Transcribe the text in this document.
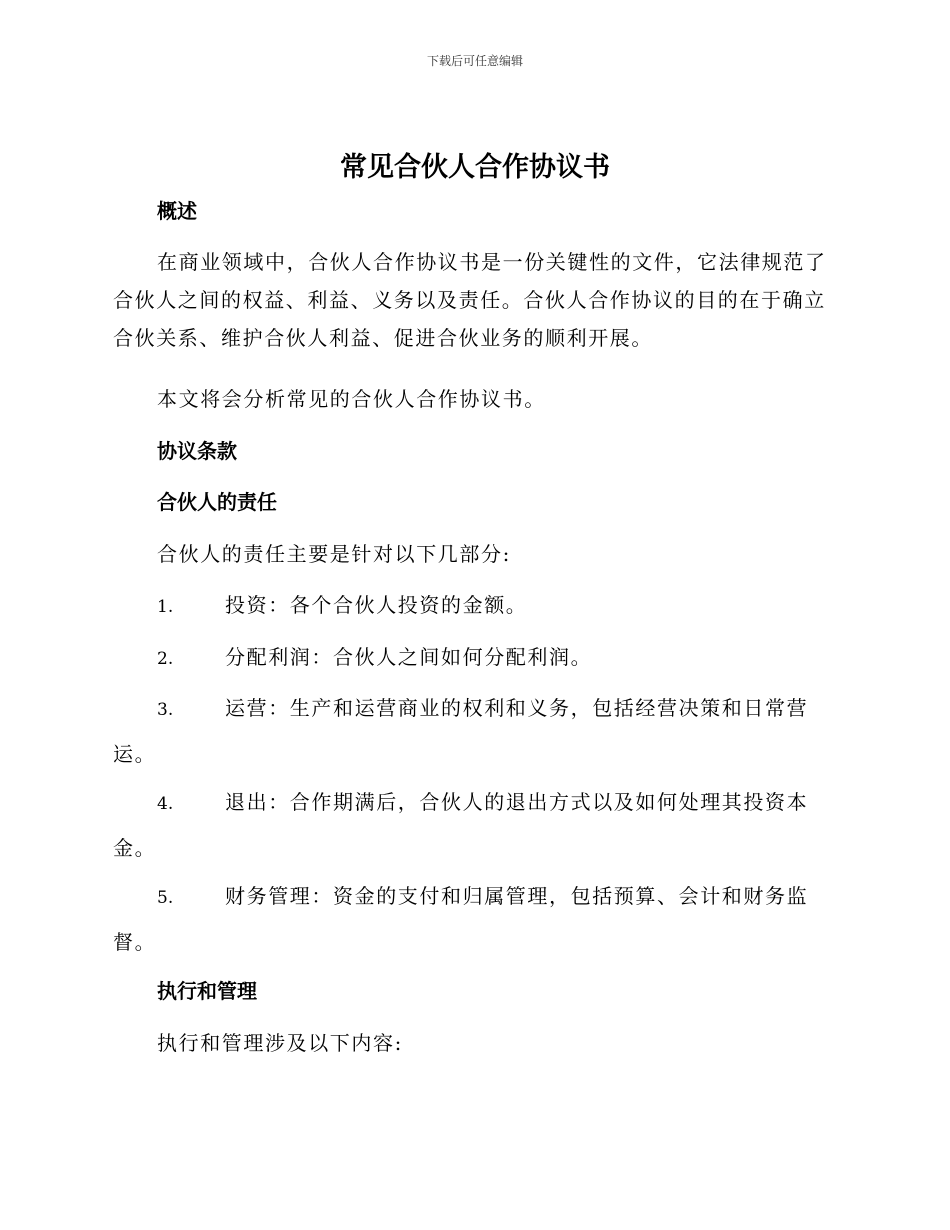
下载后可任意编辑
常见合伙人合作协议书
概述

在商业领域中，合伙人合作协议书是一份关键性的文件，它法律规范了合伙人之间的权益、利益、义务以及责任。合伙人合作协议的目的在于确立合伙关系、维护合伙人利益、促进合伙业务的顺利开展。

本文将会分析常见的合伙人合作协议书。

协议条款
合伙人的责任

合伙人的责任主要是针对以下几部分:

1.	投资：各个合伙人投资的金额。

2.	分配利润：合伙人之间如何分配利润。

3.	运营：生产和运营商业的权利和义务，包括经营决策和日常营运。

4.	退出：合作期满后，合伙人的退出方式以及如何处理其投资本金。

5.	财务管理：资金的支付和归属管理，包括预算、会计和财务监督。

执行和管理

执行和管理涉及以下内容:
